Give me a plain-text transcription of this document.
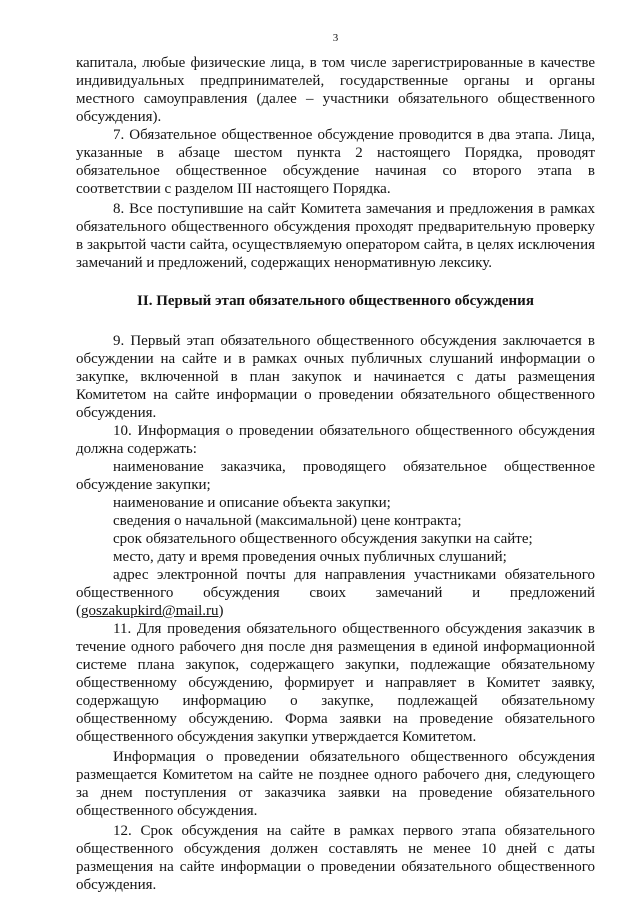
3

капитала, любые физические лица, в том числе зарегистрированные в качестве индивидуальных предпринимателей, государственные органы и органы местного самоуправления (далее – участники обязательного общественного обсуждения).

7. Обязательное общественное обсуждение проводится в два этапа. Лица, указанные в абзаце шестом пункта 2 настоящего Порядка, проводят обязательное общественное обсуждение начиная со второго этапа в соответствии с разделом III настоящего Порядка.

8. Все поступившие на сайт Комитета замечания и предложения в рамках обязательного общественного обсуждения проходят предварительную проверку в закрытой части сайта, осуществляемую оператором сайта, в целях исключения замечаний и предложений, содержащих ненормативную лексику.

II. Первый этап обязательного общественного обсуждения

9. Первый этап обязательного общественного обсуждения заключается в обсуждении на сайте и в рамках очных публичных слушаний информации о закупке, включенной в план закупок и начинается с даты размещения Комитетом на сайте информации о проведении обязательного общественного обсуждения.

10. Информация о проведении обязательного общественного обсуждения должна содержать:

наименование заказчика, проводящего обязательное общественное обсуждение закупки;

наименование и описание объекта закупки;

сведения о начальной (максимальной) цене контракта;

срок обязательного общественного обсуждения закупки на сайте;

место, дату и время проведения очных публичных слушаний;

адрес электронной почты для направления участниками обязательного общественного обсуждения своих замечаний и предложений (goszakupkird@mail.ru)

11. Для проведения обязательного общественного обсуждения заказчик в течение одного рабочего дня после дня размещения в единой информационной системе плана закупок, содержащего закупки, подлежащие обязательному общественному обсуждению, формирует и направляет в Комитет заявку, содержащую информацию о закупке, подлежащей обязательному общественному обсуждению. Форма заявки на проведение обязательного общественного обсуждения закупки утверждается Комитетом.

Информация о проведении обязательного общественного обсуждения размещается Комитетом на сайте не позднее одного рабочего дня, следующего за днем поступления от заказчика заявки на проведение обязательного общественного обсуждения.

12. Срок обсуждения на сайте в рамках первого этапа обязательного общественного обсуждения должен составлять не менее 10 дней с даты размещения на сайте информации о проведении обязательного общественного обсуждения.
